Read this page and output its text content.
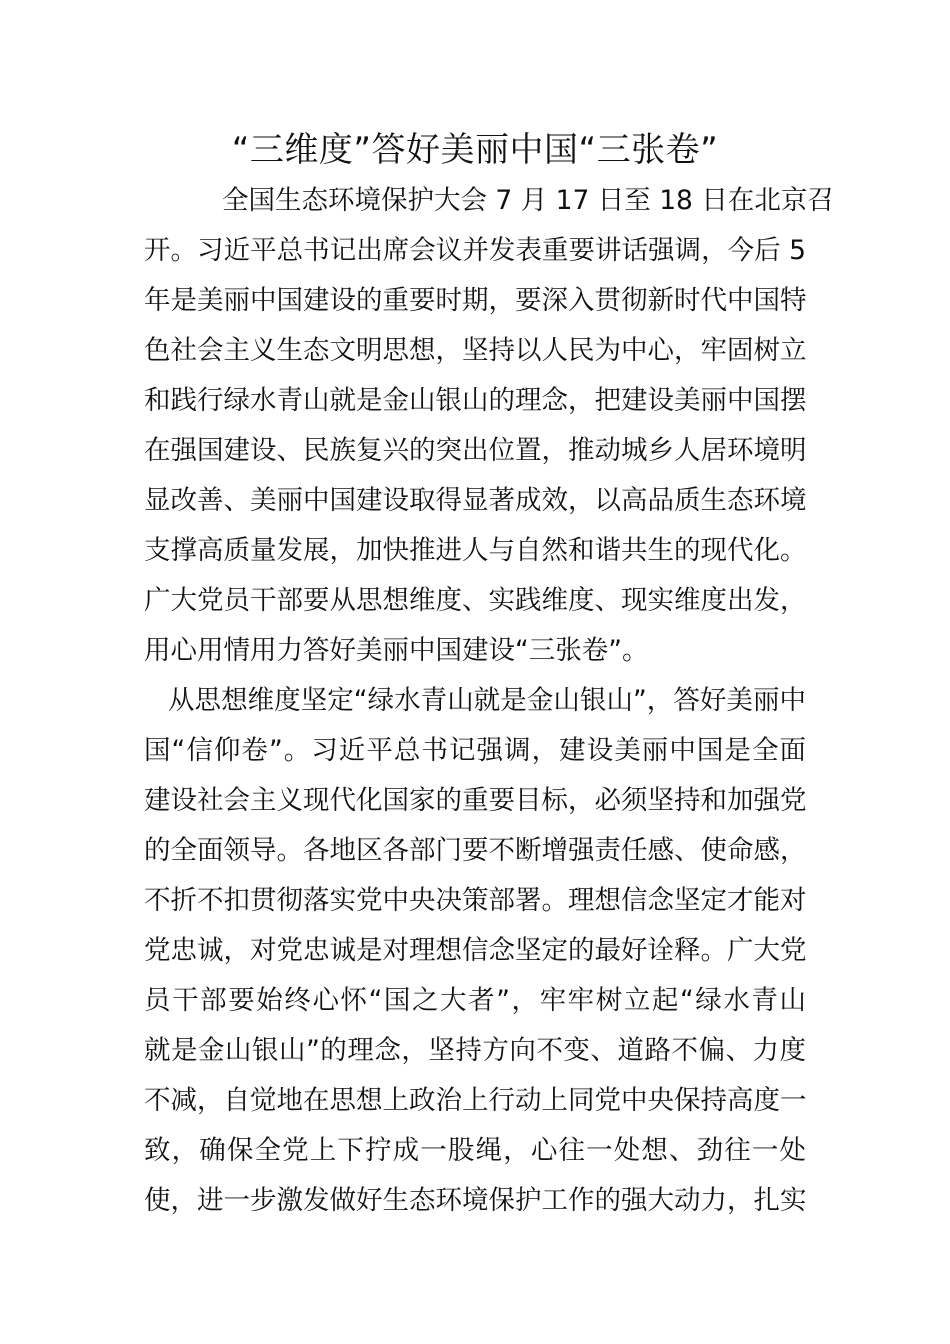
“三维度”答好美丽中国“三张卷”
全国生态环境保护大会 7 月 17 日至 18 日在北京召
开。习近平总书记出席会议并发表重要讲话强调，今后 5
年是美丽中国建设的重要时期，要深入贯彻新时代中国特
色社会主义生态文明思想，坚持以人民为中心，牢固树立
和践行绿水青山就是金山银山的理念，把建设美丽中国摆
在强国建设、民族复兴的突出位置，推动城乡人居环境明
显改善、美丽中国建设取得显著成效，以高品质生态环境
支撑高质量发展，加快推进人与自然和谐共生的现代化。
广大党员干部要从思想维度、实践维度、现实维度出发，
用心用情用力答好美丽中国建设“三张卷”。
从思想维度坚定“绿水青山就是金山银山”，答好美丽中
国“信仰卷”。习近平总书记强调，建设美丽中国是全面
建设社会主义现代化国家的重要目标，必须坚持和加强党
的全面领导。各地区各部门要不断增强责任感、使命感，
不折不扣贯彻落实党中央决策部署。理想信念坚定才能对
党忠诚，对党忠诚是对理想信念坚定的最好诠释。广大党
员干部要始终心怀“国之大者”，牢牢树立起“绿水青山
就是金山银山”的理念，坚持方向不变、道路不偏、力度
不减，自觉地在思想上政治上行动上同党中央保持高度一
致，确保全党上下拧成一股绳，心往一处想、劲往一处
使，进一步激发做好生态环境保护工作的强大动力，扎实
